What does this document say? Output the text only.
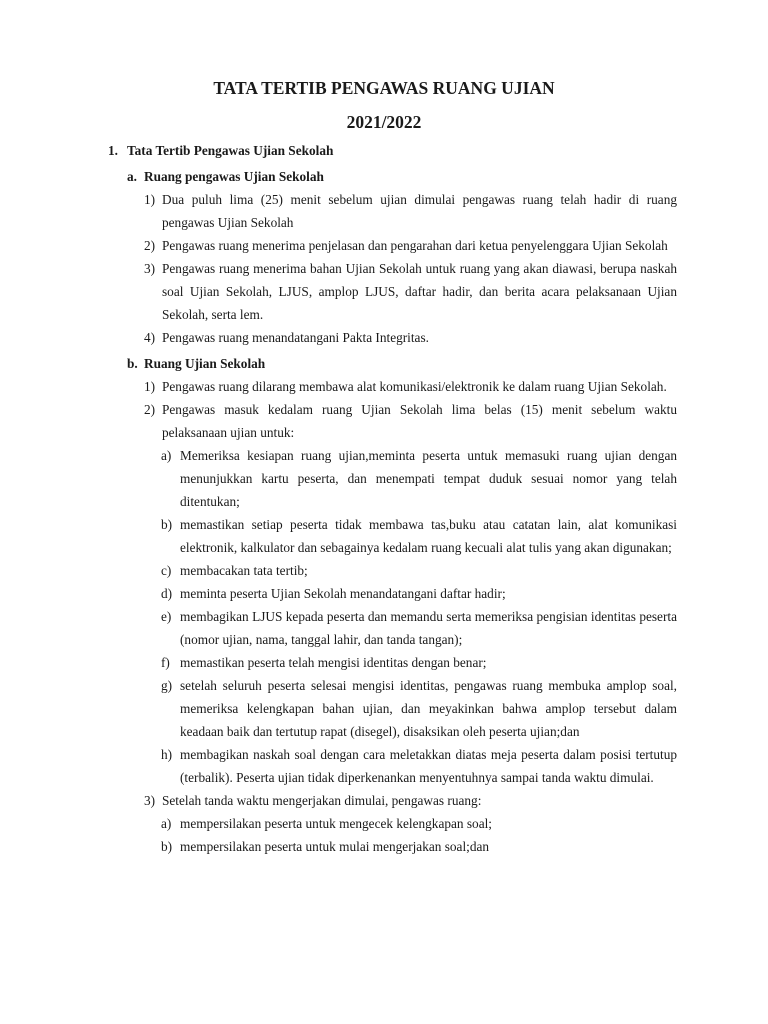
TATA TERTIB PENGAWAS RUANG UJIAN
2021/2022
1. Tata Tertib Pengawas Ujian Sekolah
a. Ruang pengawas Ujian Sekolah
1) Dua puluh lima (25) menit sebelum ujian dimulai pengawas ruang telah hadir di ruang pengawas Ujian Sekolah
2) Pengawas ruang menerima penjelasan dan pengarahan dari ketua penyelenggara Ujian Sekolah
3) Pengawas ruang menerima bahan Ujian Sekolah untuk ruang yang akan diawasi, berupa naskah soal Ujian Sekolah, LJUS, amplop LJUS, daftar hadir, dan berita acara pelaksanaan Ujian Sekolah, serta lem.
4) Pengawas ruang menandatangani Pakta Integritas.
b. Ruang Ujian Sekolah
1) Pengawas ruang dilarang membawa alat komunikasi/elektronik ke dalam ruang Ujian Sekolah.
2) Pengawas masuk kedalam ruang Ujian Sekolah lima belas (15) menit sebelum waktu pelaksanaan ujian untuk:
a) Memeriksa kesiapan ruang ujian,meminta peserta untuk memasuki ruang ujian dengan menunjukkan kartu peserta, dan menempati tempat duduk sesuai nomor yang telah ditentukan;
b) memastikan setiap peserta tidak membawa tas,buku atau catatan lain, alat komunikasi elektronik, kalkulator dan sebagainya kedalam ruang kecuali alat tulis yang akan digunakan;
c) membacakan tata tertib;
d) meminta peserta Ujian Sekolah menandatangani daftar hadir;
e) membagikan LJUS kepada peserta dan memandu serta memeriksa pengisian identitas peserta (nomor ujian, nama, tanggal lahir, dan tanda tangan);
f) memastikan peserta telah mengisi identitas dengan benar;
g) setelah seluruh peserta selesai mengisi identitas, pengawas ruang membuka amplop soal, memeriksa kelengkapan bahan ujian, dan meyakinkan bahwa amplop tersebut dalam keadaan baik dan tertutup rapat (disegel), disaksikan oleh peserta ujian;dan
h) membagikan naskah soal dengan cara meletakkan diatas meja peserta dalam posisi tertutup (terbalik). Peserta ujian tidak diperkenankan menyentuhnya sampai tanda waktu dimulai.
3) Setelah tanda waktu mengerjakan dimulai, pengawas ruang:
a) mempersilakan peserta untuk mengecek kelengkapan soal;
b) mempersilakan peserta untuk mulai mengerjakan soal;dan
